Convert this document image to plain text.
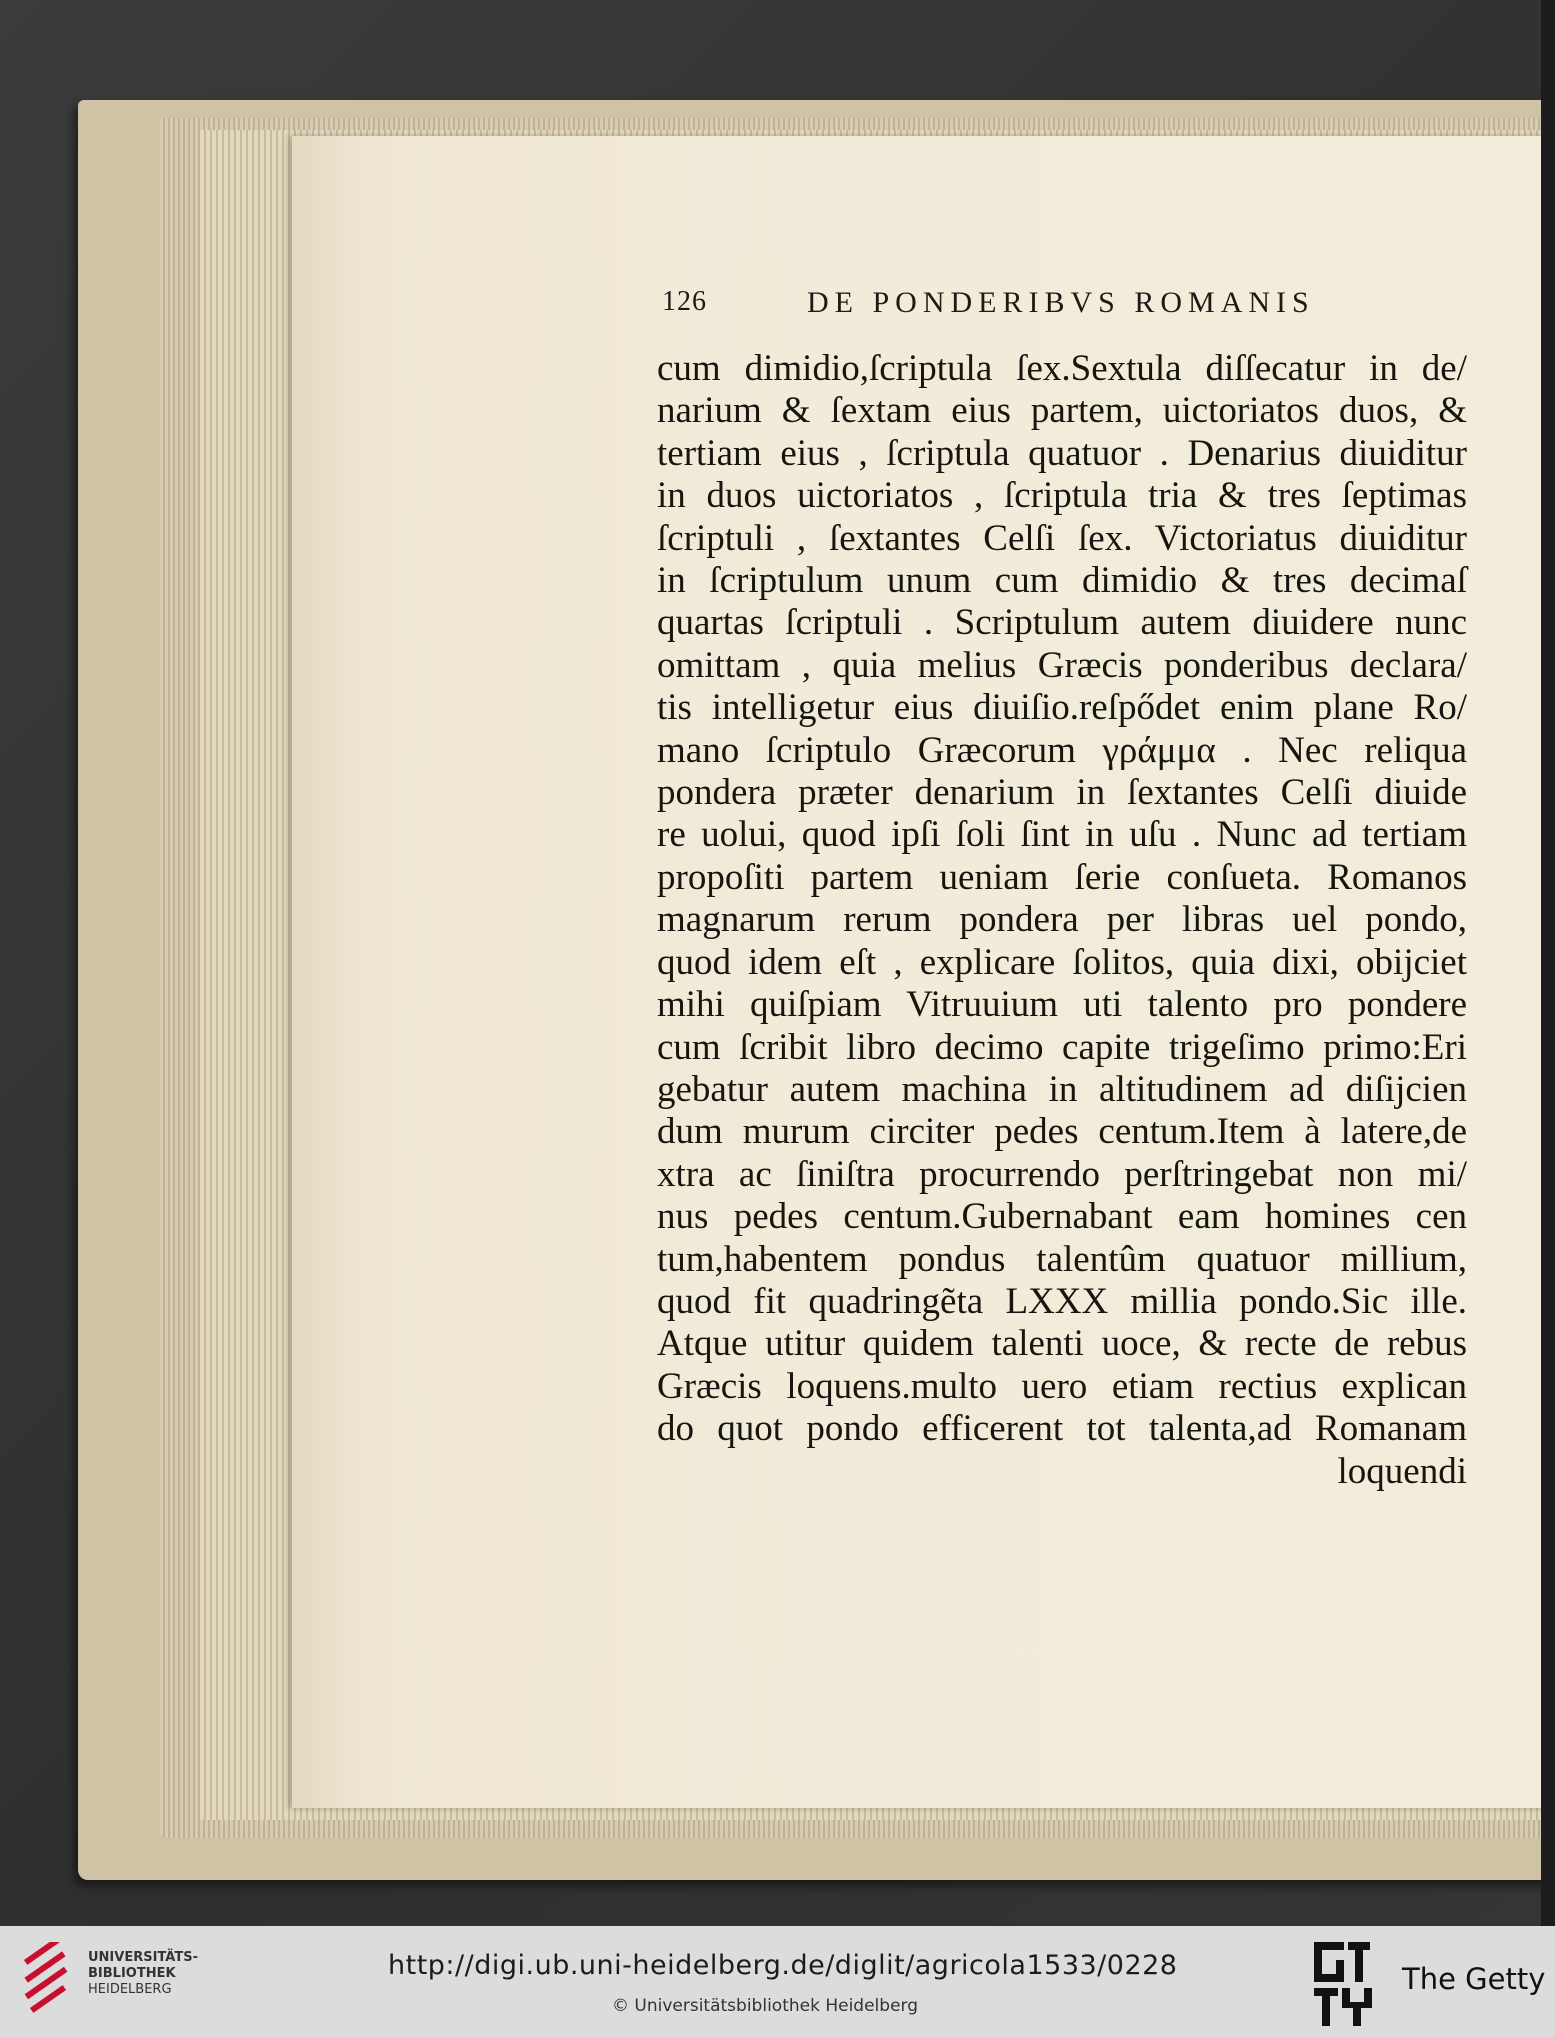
126	DE PONDERIBVS ROMANIS
cum dimidio,ſcriptula ſex.Sextula diſſecatur in de/
narium & ſextam eius partem, uictoriatos duos, &
tertiam eius , ſcriptula quatuor . Denarius diuiditur
in duos uictoriatos , ſcriptula tria & tres ſeptimas
ſcriptuli , ſextantes Celſi ſex. Victoriatus diuiditur
in ſcriptulum unum cum dimidio & tres decimaſ
quartas ſcriptuli . Scriptulum autem diuidere nunc
omittam , quia melius Græcis ponderibus declara/
tis intelligetur eius diuiſio.reſpődet enim plane Ro/
mano ſcriptulo Græcorum γράμμα . Nec reliqua
pondera præter denarium in ſextantes Celſi diuide
re uolui, quod ipſi ſoli ſint in uſu . Nunc ad tertiam
propoſiti partem ueniam ſerie conſueta. Romanos
magnarum rerum pondera per libras uel pondo,
quod idem eſt , explicare ſolitos, quia dixi, obijciet
mihi quiſpiam Vitruuium uti talento pro pondere
cum ſcribit libro decimo capite trigeſimo primo:Eri
gebatur autem machina in altitudinem ad diſijcien
dum murum circiter pedes centum.Item à latere,de
xtra ac ſiniſtra procurrendo perſtringebat non mi/
nus pedes centum.Gubernabant eam homines cen
tum,habentem pondus talentûm quatuor millium,
quod fit quadringẽta LXXX millia pondo.Sic ille.
Atque utitur quidem talenti uoce, & recte de rebus
Græcis loquens.multo uero etiam rectius explican
do quot pondo efficerent tot talenta,ad Romanam
loquendi
UNIVERSITÄTS-
BIBLIOTHEK
HEIDELBERG
http://digi.ub.uni-heidelberg.de/diglit/agricola1533/0228
© Universitätsbibliothek Heidelberg
The Getty
